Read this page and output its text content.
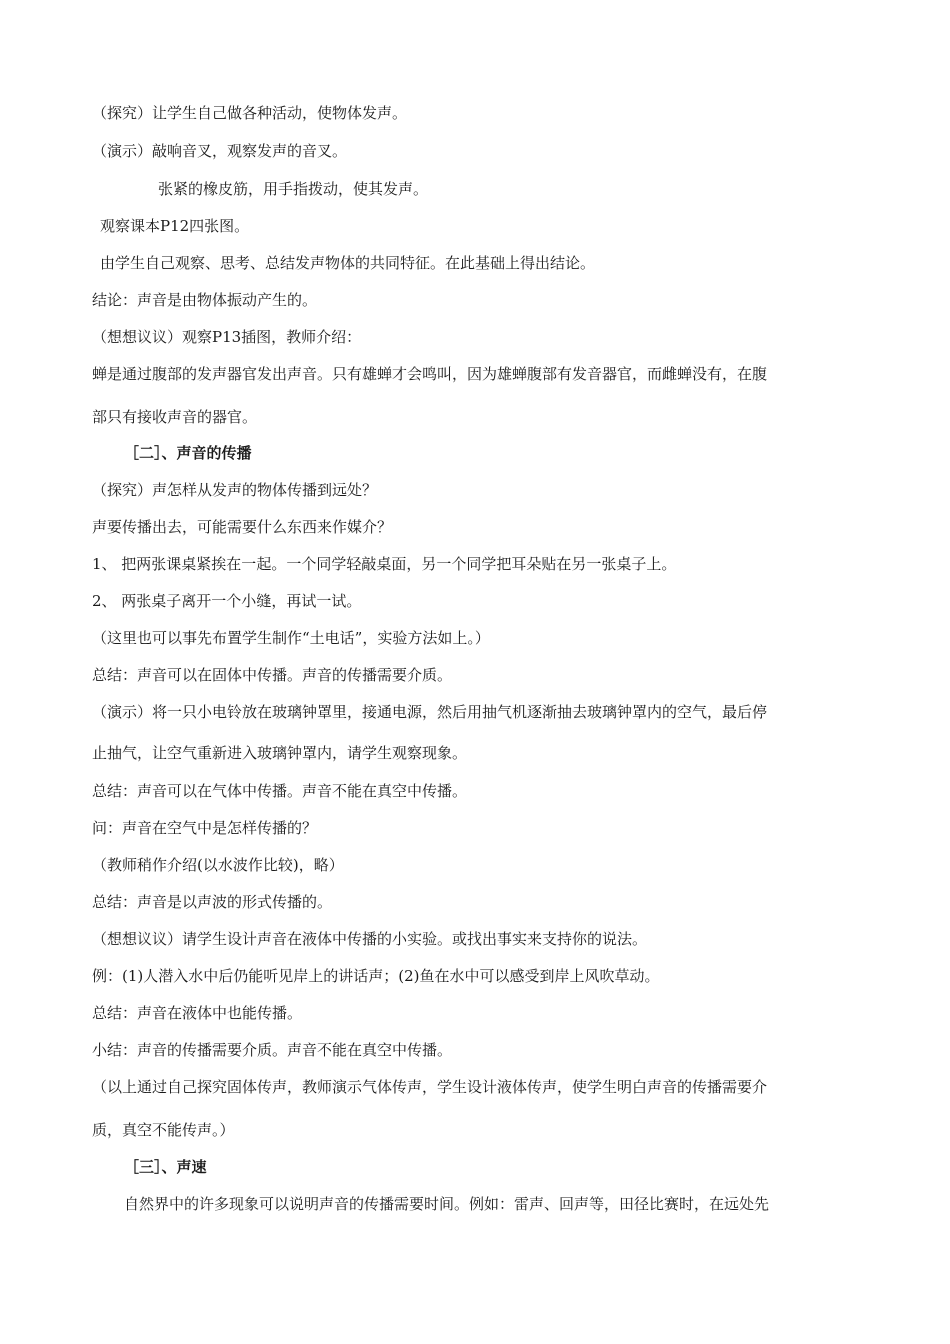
（探究）让学生自己做各种活动，使物体发声。
（演示）敲响音叉，观察发声的音叉。
张紧的橡皮筋，用手指拨动，使其发声。
观察课本P12四张图。
由学生自己观察、思考、总结发声物体的共同特征。在此基础上得出结论。
结论：声音是由物体振动产生的。
（想想议议）观察P13插图，教师介绍：
蝉是通过腹部的发声器官发出声音。只有雄蝉才会鸣叫，因为雄蝉腹部有发音器官，而雌蝉没有，在腹
部只有接收声音的器官。
［二］、声音的传播
（探究）声怎样从发声的物体传播到远处？
声要传播出去，可能需要什么东西来作媒介？
1、 把两张课桌紧挨在一起。一个同学轻敲桌面，另一个同学把耳朵贴在另一张桌子上。
2、 两张桌子离开一个小缝，再试一试。
（这里也可以事先布置学生制作“土电话”，实验方法如上。）
总结：声音可以在固体中传播。声音的传播需要介质。
（演示）将一只小电铃放在玻璃钟罩里，接通电源，然后用抽气机逐渐抽去玻璃钟罩内的空气，最后停
止抽气，让空气重新进入玻璃钟罩内，请学生观察现象。
总结：声音可以在气体中传播。声音不能在真空中传播。
问：声音在空气中是怎样传播的？
（教师稍作介绍(以水波作比较)，略）
总结：声音是以声波的形式传播的。
（想想议议）请学生设计声音在液体中传播的小实验。或找出事实来支持你的说法。
例：(1)人潜入水中后仍能听见岸上的讲话声；(2)鱼在水中可以感受到岸上风吹草动。
总结：声音在液体中也能传播。
小结：声音的传播需要介质。声音不能在真空中传播。
（以上通过自己探究固体传声，教师演示气体传声，学生设计液体传声，使学生明白声音的传播需要介
质，真空不能传声。）
［三］、声速
自然界中的许多现象可以说明声音的传播需要时间。例如：雷声、回声等，田径比赛时，在远处先
